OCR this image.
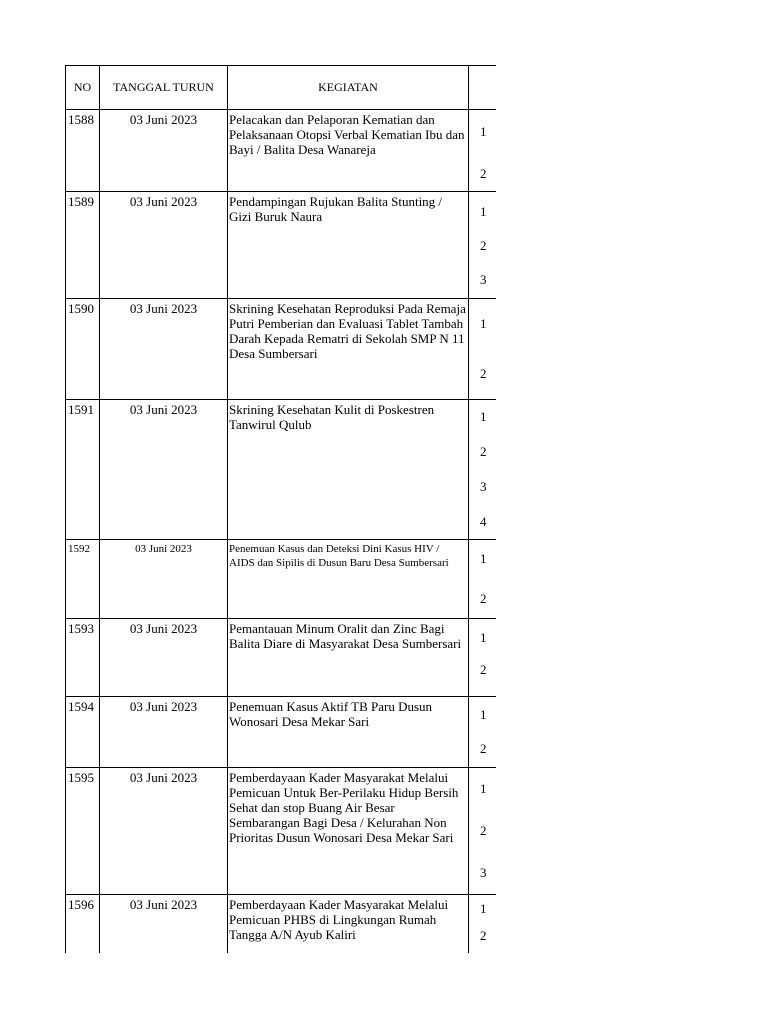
NO	TANGGAL TURUN	KEGIATAN	
1588	03 Juni 2023	Pelacakan dan Pelaporan Kematian dan Pelaksanaan Otopsi Verbal Kematian Ibu dan Bayi / Balita Desa Wanareja	1
2

1589	03 Juni 2023	Pendampingan Rujukan Balita Stunting / Gizi Buruk Naura	1
2
3

1590	03 Juni 2023	Skrining Kesehatan Reproduksi Pada Remaja Putri Pemberian dan Evaluasi Tablet Tambah Darah Kepada Rematri di Sekolah SMP N 11 Desa Sumbersari	1
2

1591	03 Juni 2023	Skrining Kesehatan Kulit di Poskestren Tanwirul Qulub	1
2
3
4

1592	03 Juni 2023	Penemuan Kasus dan Deteksi Dini Kasus HIV / AIDS dan Sipilis di Dusun Baru Desa Sumbersari	1
2

1593	03 Juni 2023	Pemantauan Minum Oralit dan Zinc Bagi Balita Diare di Masyarakat Desa Sumbersari	1
2

1594	03 Juni 2023	Penemuan Kasus Aktif TB Paru Dusun Wonosari Desa Mekar Sari	1
2

1595	03 Juni 2023	Pemberdayaan Kader Masyarakat Melalui Pemicuan Untuk Ber-Perilaku Hidup Bersih Sehat dan stop Buang Air Besar Sembarangan Bagi Desa / Kelurahan Non Prioritas Dusun Wonosari Desa Mekar Sari	1
2
3

1596	03 Juni 2023	Pemberdayaan Kader Masyarakat Melalui Pemicuan PHBS di Lingkungan Rumah Tangga A/N Ayub Kaliri	1
2
